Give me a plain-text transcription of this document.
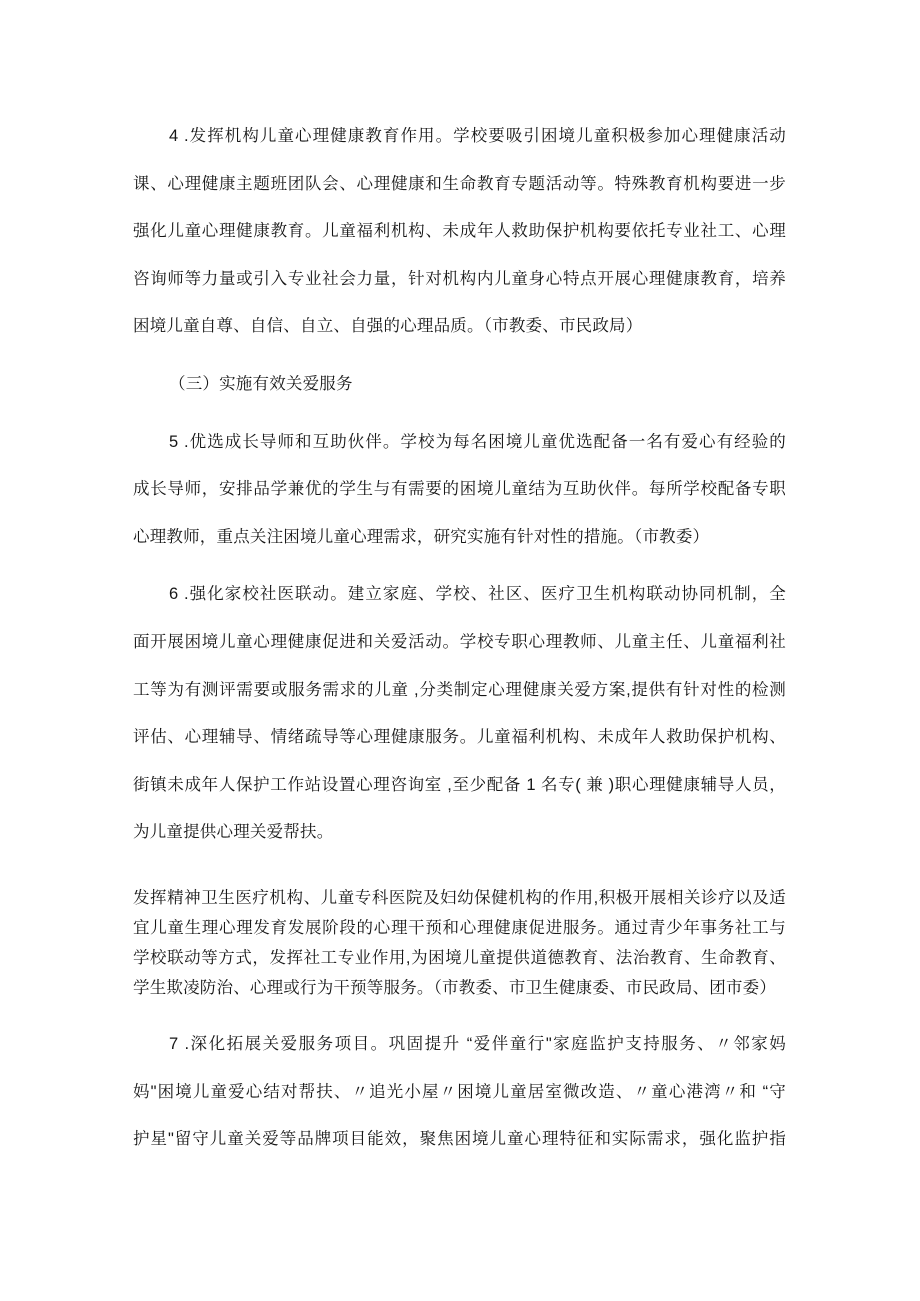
4 .发挥机构儿童心理健康教育作用。学校要吸引困境儿童积极参加心理健康活动
课、心理健康主题班团队会、心理健康和生命教育专题活动等。特殊教育机构要进一步
强化儿童心理健康教育。儿童福利机构、未成年人救助保护机构要依托专业社工、心理
咨询师等力量或引入专业社会力量，针对机构内儿童身心特点开展心理健康教育，培养
困境儿童自尊、自信、自立、自强的心理品质。（市教委、市民政局）
（三）实施有效关爱服务
5 .优选成长导师和互助伙伴。学校为每名困境儿童优选配备一名有爱心有经验的
成长导师，安排品学兼优的学生与有需要的困境儿童结为互助伙伴。每所学校配备专职
心理教师，重点关注困境儿童心理需求，研究实施有针对性的措施。（市教委）
6 .强化家校社医联动。建立家庭、学校、社区、医疗卫生机构联动协同机制，全
面开展困境儿童心理健康促进和关爱活动。学校专职心理教师、儿童主任、儿童福利社
工等为有测评需要或服务需求的儿童 ,分类制定心理健康关爱方案,提供有针对性的检测
评估、心理辅导、情绪疏导等心理健康服务。儿童福利机构、未成年人救助保护机构、
街镇未成年人保护工作站设置心理咨询室 ,至少配备 1 名专( 兼 )职心理健康辅导人员，
为儿童提供心理关爱帮扶。
发挥精神卫生医疗机构、儿童专科医院及妇幼保健机构的作用,积极开展相关诊疗以及适
宜儿童生理心理发育发展阶段的心理干预和心理健康促进服务。通过青少年事务社工与
学校联动等方式，发挥社工专业作用,为困境儿童提供道德教育、法治教育、生命教育、
学生欺凌防治、心理或行为干预等服务。（市教委、市卫生健康委、市民政局、团市委）
7 .深化拓展关爱服务项目。巩固提升 “爱伴童行"家庭监护支持服务、〃邻家妈
妈"困境儿童爱心结对帮扶、〃追光小屋〃困境儿童居室微改造、〃童心港湾〃和 “守
护星"留守儿童关爱等品牌项目能效，聚焦困境儿童心理特征和实际需求，强化监护指
